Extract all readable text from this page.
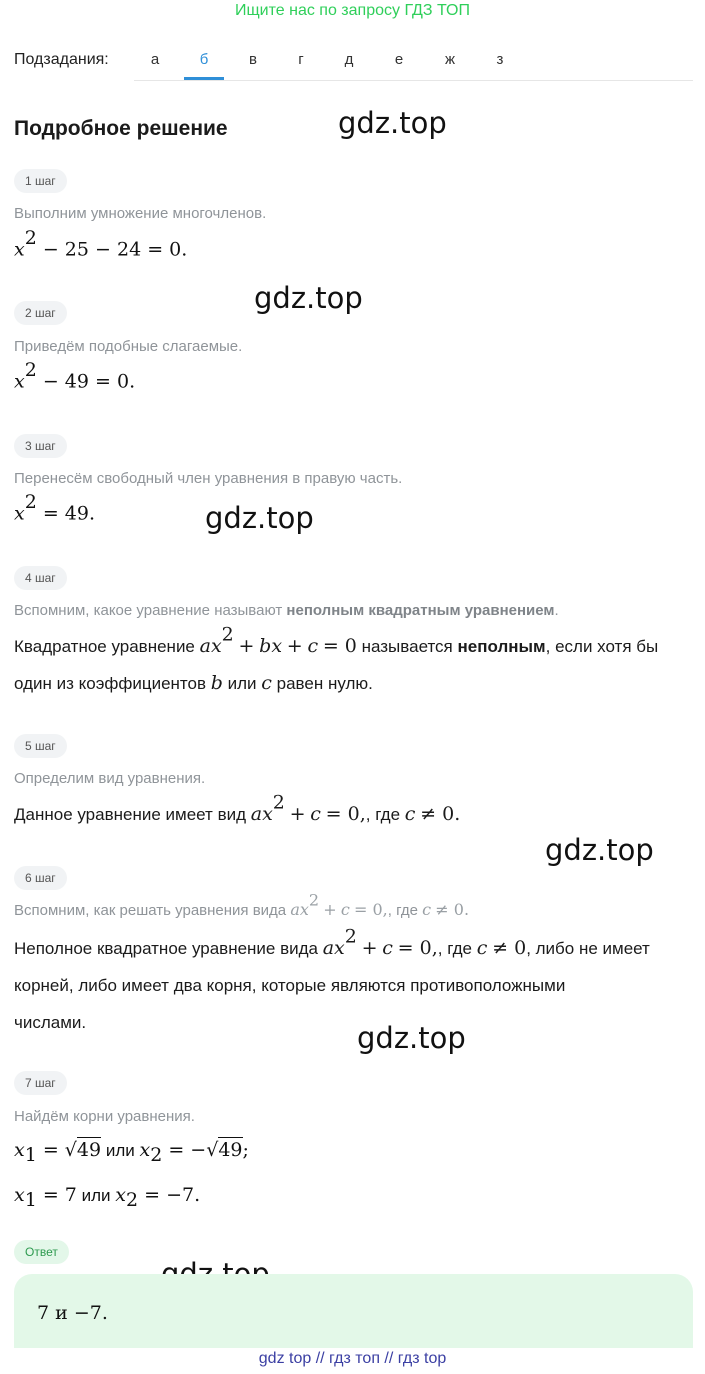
Ищите нас по запросу ГДЗ ТОП
Подзадания:	а	б	в	г	д	е	ж	з
Подробное решение	gdz.top
gdz.top
gdz.top
gdz.top
gdz.top
1 шаг
Выполним умножение многочленов.
$x^2 - 25 - 24 = 0$.
2 шаг
Приведём подобные слагаемые.
$x^2 - 49 = 0$.
3 шаг
Перенесём свободный член уравнения в правую часть.
$x^2 = 49$.
4 шаг
Вспомним, какое уравнение называют неполным квадратным уравнением.
Квадратное уравнение $ax^2$ + bx + c = 0 называется неполным, если хотя бы
один из коэффициентов b или c равен нулю.
5 шаг
Определим вид уравнения.
Данное уравнение имеет вид $ax^2 + c = 0$,, где c ≠ 0.
6 шаг
Вспомним, как решать уравнения вида $ax^2 + c = 0$,, где c ≠ 0.
Неполное квадратное уравнение вида $ax^2 + c = 0$,, где c ≠ 0, либо не имеет
корней, либо имеет два корня, которые являются противоположными
числами.
7 шаг
Найдём корни уравнения.
$x_1 = √49$ или $x_2 = -√49$;
$x_1 = 7$ или $x_2 = -7$.
Ответ
7 и −7.
gdz top // гдз топ // гдз top
